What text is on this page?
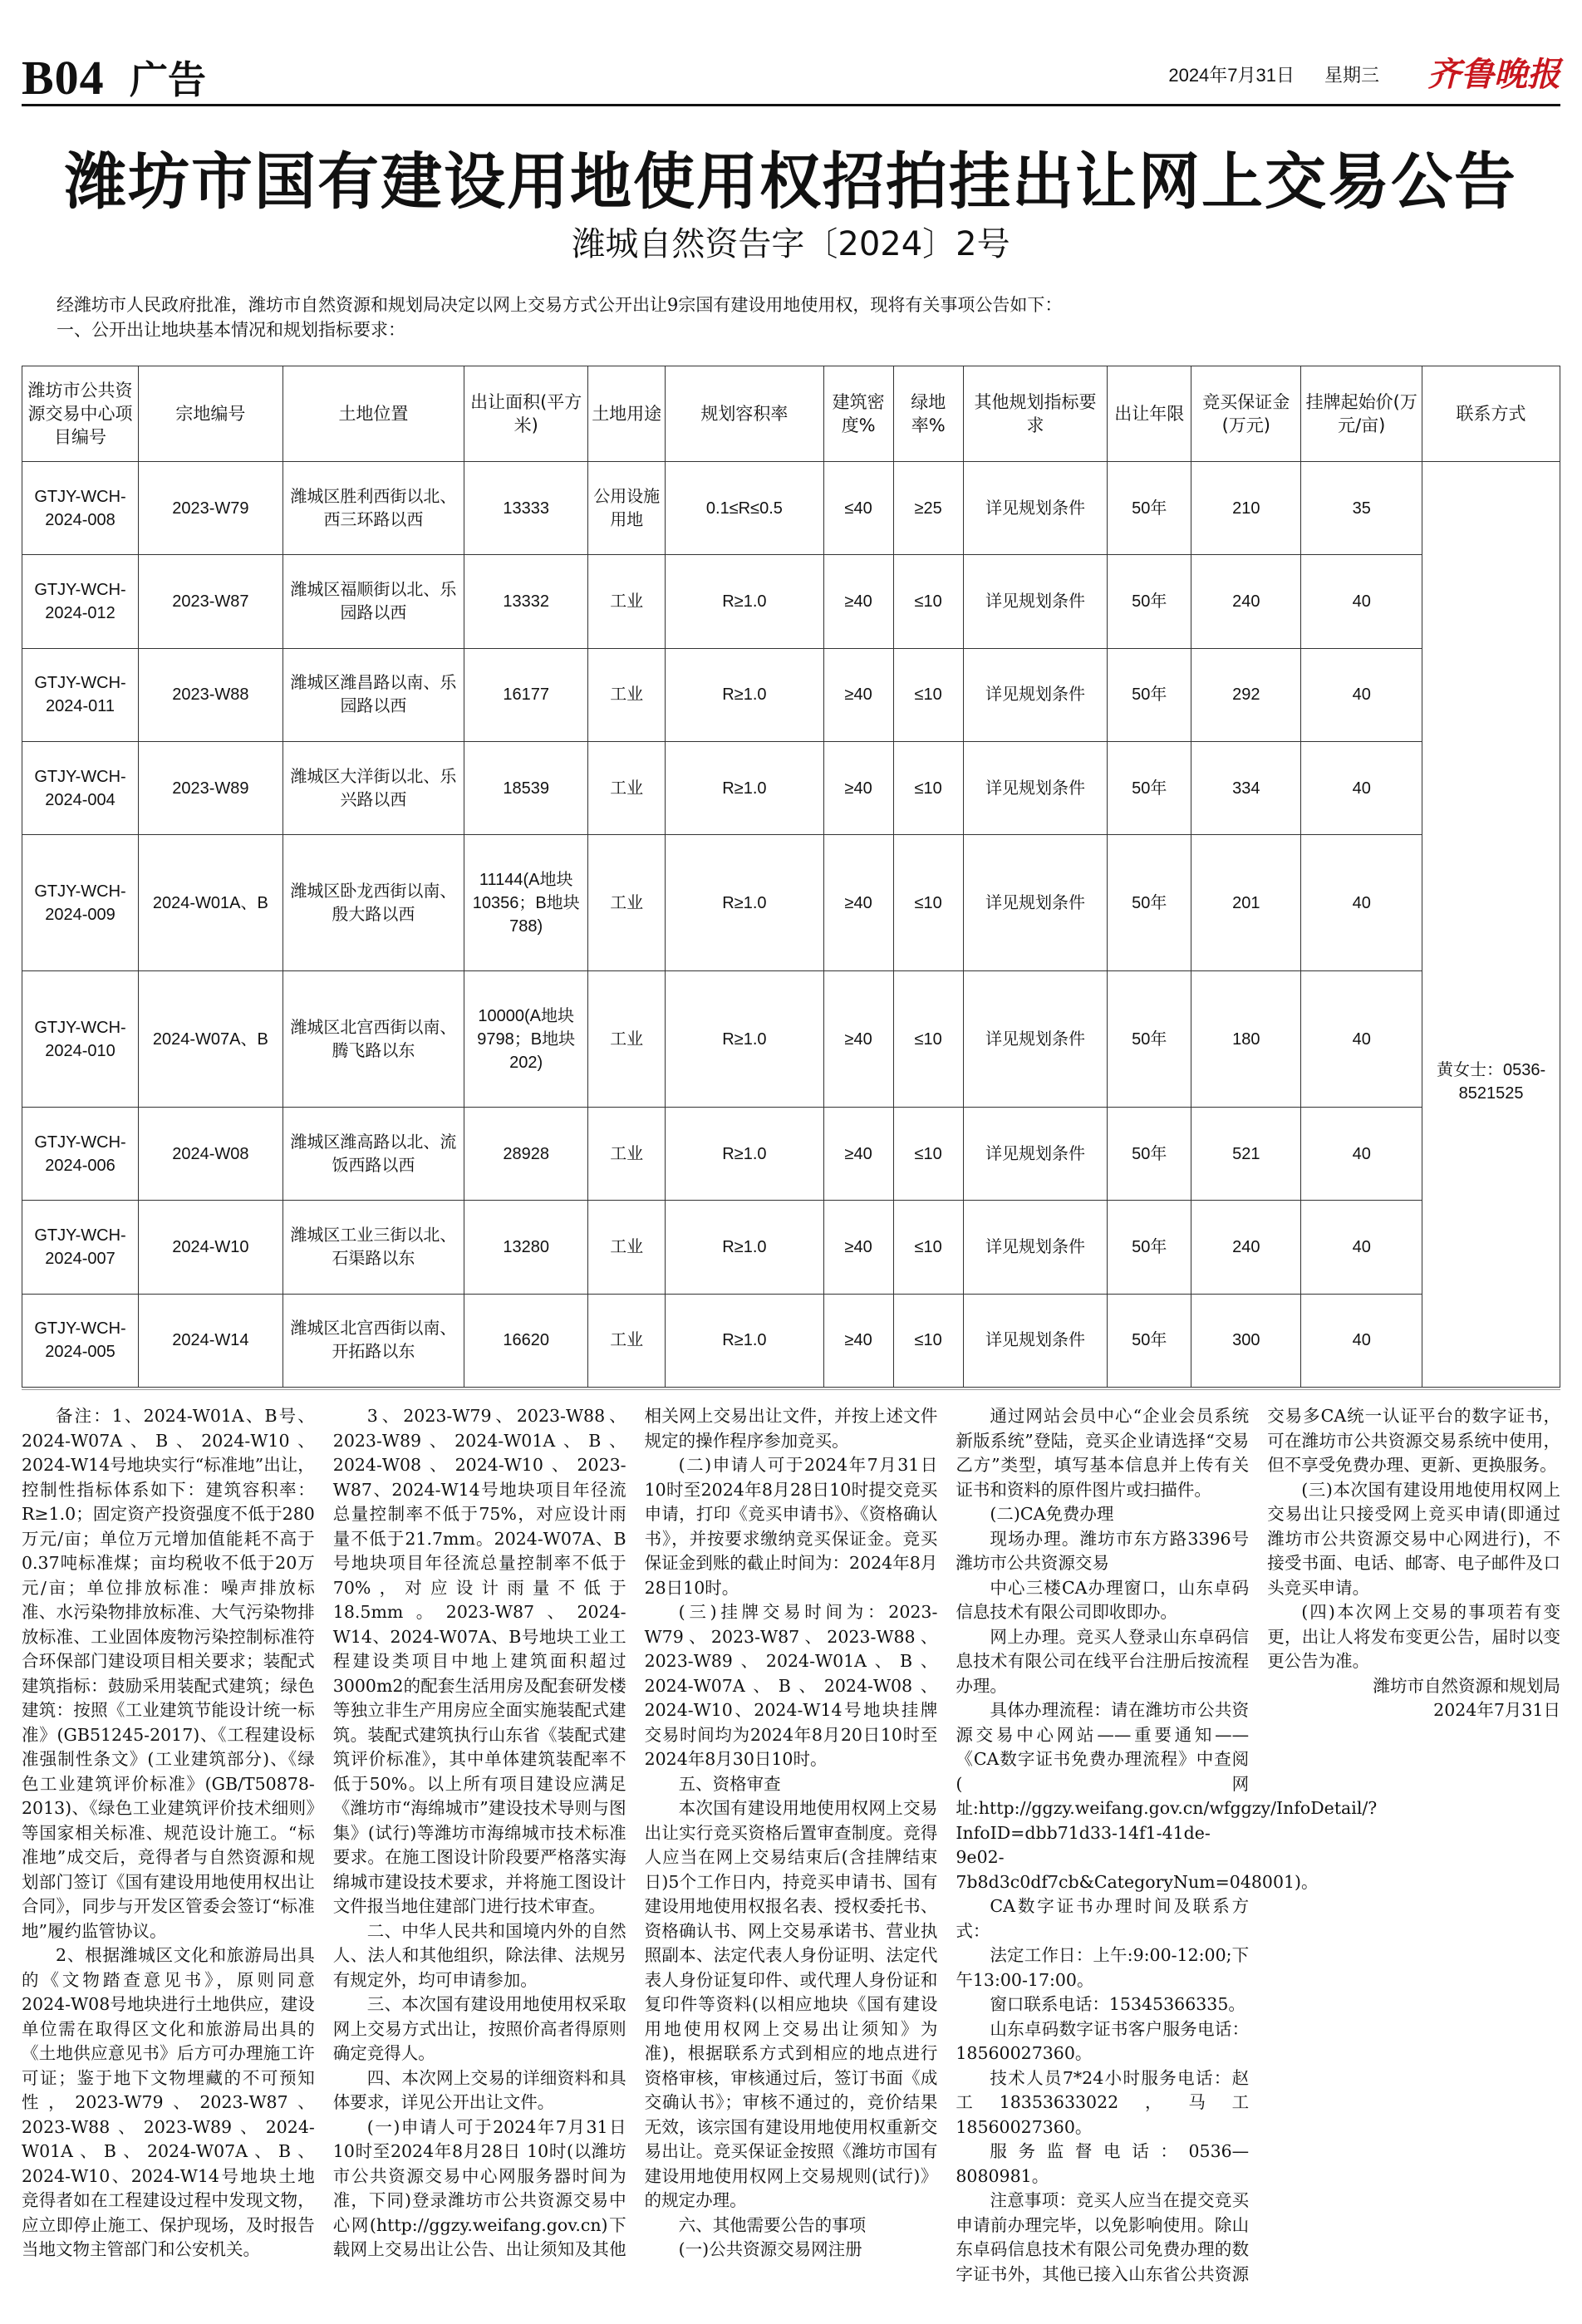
B04 广告	2024年7月31日 星期三 齐鲁晚报
潍坊市国有建设用地使用权招拍挂出让网上交易公告
潍城自然资告字〔2024〕2号

经潍坊市人民政府批准，潍坊市自然资源和规划局决定以网上交易方式公开出让9宗国有建设用地使用权，现将有关事项公告如下：

一、公开出让地块基本情况和规划指标要求：

潍坊市公共资源交易中心项目编号	宗地编号	土地位置	出让面积(平方米)	土地用途	规划容积率	建筑密度%	绿地率%	其他规划指标要求	出让年限	竞买保证金(万元)	挂牌起始价(万元/亩)	联系方式
GTJY-WCH-2024-008	2023-W79	潍城区胜利西街以北、西三环路以西	13333	公用设施用地	0.1≤R≤0.5	≤40	≥25	详见规划条件	50年	210	35	黄女士：0536-8521525
GTJY-WCH-2024-012	2023-W87	潍城区福顺街以北、乐园路以西	13332	工业	R≥1.0	≥40	≤10	详见规划条件	50年	240	40	
GTJY-WCH-2024-011	2023-W88	潍城区潍昌路以南、乐园路以西	16177	工业	R≥1.0	≥40	≤10	详见规划条件	50年	292	40	
GTJY-WCH-2024-004	2023-W89	潍城区大洋街以北、乐兴路以西	18539	工业	R≥1.0	≥40	≤10	详见规划条件	50年	334	40	
GTJY-WCH-2024-009	2024-W01A、B	潍城区卧龙西街以南、殷大路以西	11144(A地块10356；B地块788)	工业	R≥1.0	≥40	≤10	详见规划条件	50年	201	40	
GTJY-WCH-2024-010	2024-W07A、B	潍城区北宫西街以南、腾飞路以东	10000(A地块9798；B地块202)	工业	R≥1.0	≥40	≤10	详见规划条件	50年	180	40	
GTJY-WCH-2024-006	2024-W08	潍城区潍高路以北、流饭西路以西	28928	工业	R≥1.0	≥40	≤10	详见规划条件	50年	521	40	
GTJY-WCH-2024-007	2024-W10	潍城区工业三街以北、石渠路以东	13280	工业	R≥1.0	≥40	≤10	详见规划条件	50年	240	40	
GTJY-WCH-2024-005	2024-W14	潍城区北宫西街以南、开拓路以东	16620	工业	R≥1.0	≥40	≤10	详见规划条件	50年	300	40	

备注：1、2024-W01A、B号、2024-W07A、B、2024-W10、2024-W14号地块实行“标准地”出让，控制性指标体系如下：建筑容积率：R≥1.0；固定资产投资强度不低于280万元/亩；单位万元增加值能耗不高于0.37吨标准煤；亩均税收不低于20万元/亩；单位排放标准：噪声排放标准、水污染物排放标准、大气污染物排放标准、工业固体废物污染控制标准符合环保部门建设项目相关要求；装配式建筑指标：鼓励采用装配式建筑；绿色建筑：按照《工业建筑节能设计统一标准》(GB51245-2017)、《工程建设标准强制性条文》(工业建筑部分)、《绿色工业建筑评价标准》(GB/T50878-2013)、《绿色工业建筑评价技术细则》等国家相关标准、规范设计施工。“标准地”成交后，竞得者与自然资源和规划部门签订《国有建设用地使用权出让合同》，同步与开发区管委会签订“标准地”履约监管协议。

2、根据潍城区文化和旅游局出具的《文物踏查意见书》，原则同意2024-W08号地块进行土地供应，建设单位需在取得区文化和旅游局出具的《土地供应意见书》后方可办理施工许可证；鉴于地下文物埋藏的不可预知性，2023-W79、2023-W87、2023-W88、2023-W89、2024-W01A、B、2024-W07A、B、2024-W10、2024-W14号地块土地竞得者如在工程建设过程中发现文物，应立即停止施工、保护现场，及时报告当地文物主管部门和公安机关。

3、2023-W79、2023-W88、2023-W89、2024-W01A、B、2024-W08、2024-W10、2023-W87、2024-W14号地块项目年径流总量控制率不低于75%，对应设计雨量不低于21.7mm。2024-W07A、B号地块项目年径流总量控制率不低于70%，对应设计雨量不低于18.5mm。2023-W87、2024-W14、2024-W07A、B号地块工业工程建设类项目中地上建筑面积超过3000m2的配套生活用房及配套研发楼等独立非生产用房应全面实施装配式建筑。装配式建筑执行山东省《装配式建筑评价标准》，其中单体建筑装配率不低于50%。以上所有项目建设应满足《潍坊市“海绵城市”建设技术导则与图集》(试行)等潍坊市海绵城市技术标准要求。在施工图设计阶段要严格落实海绵城市建设技术要求，并将施工图设计文件报当地住建部门进行技术审查。

二、中华人民共和国境内外的自然人、法人和其他组织，除法律、法规另有规定外，均可申请参加。

三、本次国有建设用地使用权采取网上交易方式出让，按照价高者得原则确定竞得人。

四、本次网上交易的详细资料和具体要求，详见公开出让文件。

(一)申请人可于2024年7月31日10时至2024年8月28日 10时(以潍坊市公共资源交易中心网服务器时间为准，下同)登录潍坊市公共资源交易中心网(http://ggzy.weifang.gov.cn)下载网上交易出让公告、出让须知及其他相关网上交易出让文件，并按上述文件规定的操作程序参加竞买。

(二)申请人可于2024年7月31日10时至2024年8月28日10时提交竞买申请，打印《竞买申请书》、《资格确认书》，并按要求缴纳竞买保证金。竞买保证金到账的截止时间为：2024年8月28日10时。

(三)挂牌交易时间为：2023-W79、2023-W87、2023-W88、2023-W89、2024-W01A、B、2024-W07A、B、2024-W08、2024-W10、2024-W14号地块挂牌交易时间均为2024年8月20日10时至2024年8月30日10时。

五、资格审查

本次国有建设用地使用权网上交易出让实行竞买资格后置审查制度。竞得人应当在网上交易结束后(含挂牌结束日)5个工作日内，持竞买申请书、国有建设用地使用权报名表、授权委托书、资格确认书、网上交易承诺书、营业执照副本、法定代表人身份证明、法定代表人身份证复印件、或代理人身份证和复印件等资料(以相应地块《国有建设用地使用权网上交易出让须知》为准)，根据联系方式到相应的地点进行资格审核，审核通过后，签订书面《成交确认书》；审核不通过的，竞价结果无效，该宗国有建设用地使用权重新交易出让。竞买保证金按照《潍坊市国有建设用地使用权网上交易规则(试行)》的规定办理。

六、其他需要公告的事项

(一)公共资源交易网注册

通过网站会员中心“企业会员系统新版系统”登陆，竞买企业请选择“交易乙方”类型，填写基本信息并上传有关证书和资料的原件图片或扫描件。

(二)CA免费办理

现场办理。潍坊市东方路3396号潍坊市公共资源交易

中心三楼CA办理窗口，山东卓码信息技术有限公司即收即办。

网上办理。竞买人登录山东卓码信息技术有限公司在线平台注册后按流程办理。

具体办理流程：请在潍坊市公共资源交易中心网站——重要通知——《CA数字证书免费办理流程》中查阅(网址:http://ggzy.weifang.gov.cn/wfggzy/InfoDetail/?InfoID=dbb71d33-14f1-41de-9e02-7b8d3c0df7cb&CategoryNum=048001)。

CA数字证书办理时间及联系方式：

法定工作日：上午:9:00-12:00;下午13:00-17:00。

窗口联系电话：15345366335。

山东卓码数字证书客户服务电话：18560027360。

技术人员7*24小时服务电话：赵工18353633022，马工18560027360。

服务监督电话：0536—8080981。

注意事项：竞买人应当在提交竞买申请前办理完毕，以免影响使用。除山东卓码信息技术有限公司免费办理的数字证书外，其他已接入山东省公共资源交易多CA统一认证平台的数字证书，可在潍坊市公共资源交易系统中使用，但不享受免费办理、更新、更换服务。

(三)本次国有建设用地使用权网上交易出让只接受网上竞买申请(即通过潍坊市公共资源交易中心网进行)，不接受书面、电话、邮寄、电子邮件及口头竞买申请。

(四)本次网上交易的事项若有变更，出让人将发布变更公告，届时以变更公告为准。

潍坊市自然资源和规划局

2024年7月31日
